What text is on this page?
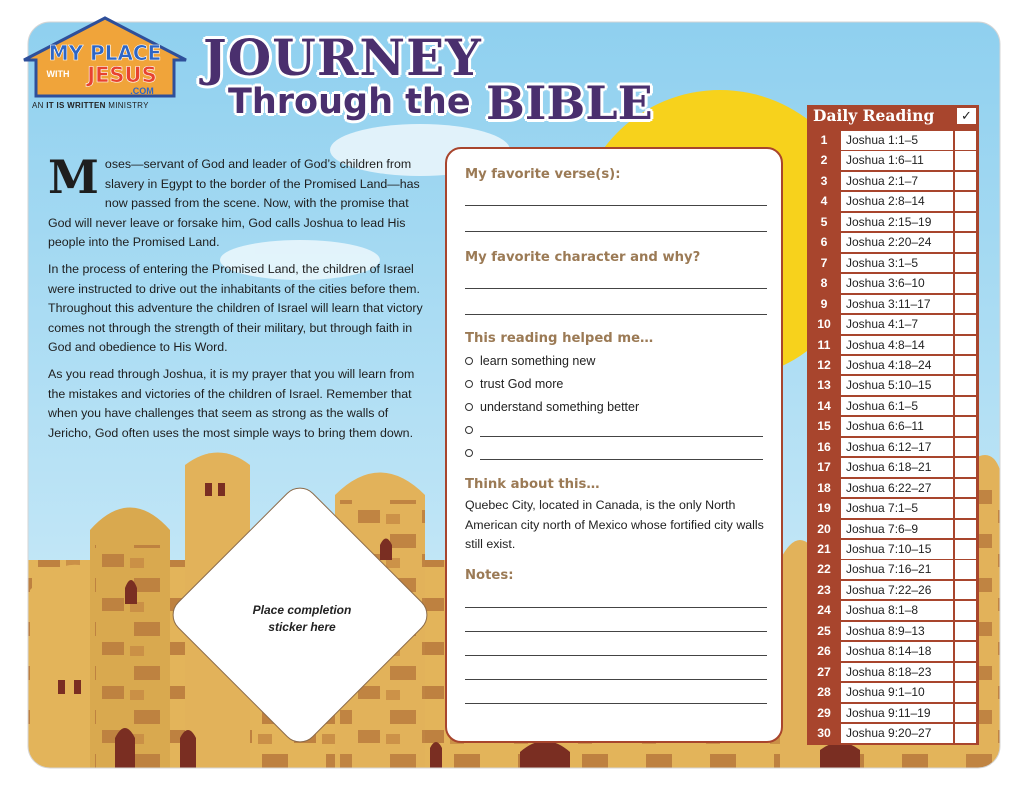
MY PLACE
WITH JESUS
.COM
AN IT IS WRITTEN MINISTRY
JOURNEY
Through the BIBLE

Moses—servant of God and leader of God’s children from slavery in Egypt to the border of the Promised Land—has now passed from the scene. Now, with the promise that God will never leave or forsake him, God calls Joshua to lead His people into the Promised Land.

In the process of entering the Promised Land, the children of Israel were instructed to drive out the inhabitants of the cities before them. Throughout this adventure the children of Israel will learn that victory comes not through the strength of their military, but through faith in God and obedience to His Word.

As you read through Joshua, it is my prayer that you will learn from the mistakes and victories of the children of Israel. Remember that when you have challenges that seem as strong as the walls of Jericho, God often uses the most simple ways to bring them down.

Place completion
sticker here
My favorite verse(s):
My favorite character and why?
This reading helped me…
learn something new
trust God more
understand something better
Think about this…
Quebec City, located in Canada, is the only North American city north of Mexico whose fortified city walls still exist.
Notes:
Daily Reading	✓
1	Joshua 1:1–5
2	Joshua 1:6–11
3	Joshua 2:1–7
4	Joshua 2:8–14
5	Joshua 2:15–19
6	Joshua 2:20–24
7	Joshua 3:1–5
8	Joshua 3:6–10
9	Joshua 3:11–17
10	Joshua 4:1–7
11	Joshua 4:8–14
12	Joshua 4:18–24
13	Joshua 5:10–15
14	Joshua 6:1–5
15	Joshua 6:6–11
16	Joshua 6:12–17
17	Joshua 6:18–21
18	Joshua 6:22–27
19	Joshua 7:1–5
20	Joshua 7:6–9
21	Joshua 7:10–15
22	Joshua 7:16–21
23	Joshua 7:22–26
24	Joshua 8:1–8
25	Joshua 8:9–13
26	Joshua 8:14–18
27	Joshua 8:18–23
28	Joshua 9:1–10
29	Joshua 9:11–19
30	Joshua 9:20–27
